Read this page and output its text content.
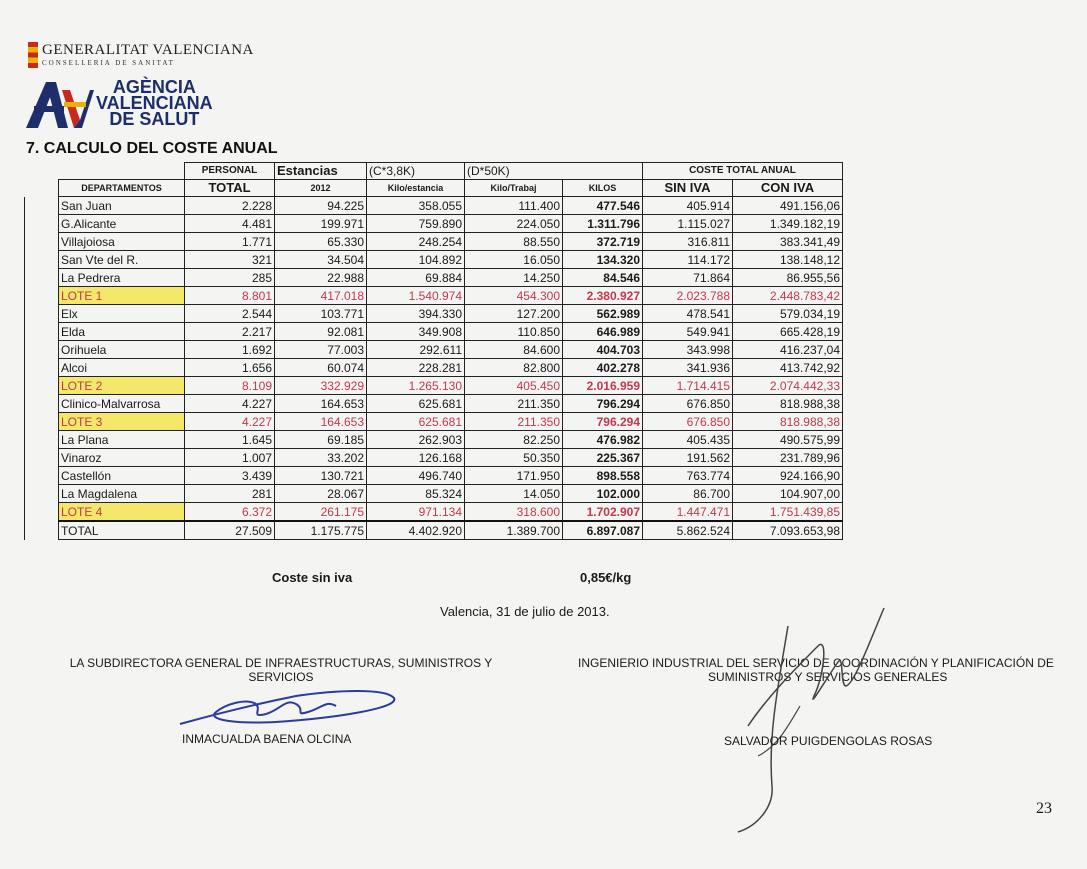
GENERALITAT VALENCIANA
CONSELLERIA DE SANITAT
AGÈNCIA
VALENCIANA
DE SALUT
7. CALCULO DEL COSTE ANUAL
		PERSONAL	Estancias	(C*3,8K)	(D*50K)		COSTE TOTAL ANUAL	
	DEPARTAMENTOS	TOTAL	2012	Kilo/estancia	Kilo/Trabaj	KILOS	SIN IVA	CON IVA
	San Juan	2.228	94.225	358.055	111.400	477.546	405.914	491.156,06
	G.Alicante	4.481	199.971	759.890	224.050	1.311.796	1.115.027	1.349.182,19
	Villajoiosa	1.771	65.330	248.254	88.550	372.719	316.811	383.341,49
	San Vte del R.	321	34.504	104.892	16.050	134.320	114.172	138.148,12
	La Pedrera	285	22.988	69.884	14.250	84.546	71.864	86.955,56
	LOTE 1	8.801	417.018	1.540.974	454.300	2.380.927	2.023.788	2.448.783,42
	Elx	2.544	103.771	394.330	127.200	562.989	478.541	579.034,19
	Elda	2.217	92.081	349.908	110.850	646.989	549.941	665.428,19
	Orihuela	1.692	77.003	292.611	84.600	404.703	343.998	416.237,04
	Alcoi	1.656	60.074	228.281	82.800	402.278	341.936	413.742,92
	LOTE 2	8.109	332.929	1.265.130	405.450	2.016.959	1.714.415	2.074.442,33
	Clinico-Malvarrosa	4.227	164.653	625.681	211.350	796.294	676.850	818.988,38
	LOTE 3	4.227	164.653	625.681	211.350	796.294	676.850	818.988,38
	La Plana	1.645	69.185	262.903	82.250	476.982	405.435	490.575,99
	Vinaroz	1.007	33.202	126.168	50.350	225.367	191.562	231.789,96
	Castellón	3.439	130.721	496.740	171.950	898.558	763.774	924.166,90
	La Magdalena	281	28.067	85.324	14.050	102.000	86.700	104.907,00
	LOTE 4	6.372	261.175	971.134	318.600	1.702.907	1.447.471	1.751.439,85
	TOTAL	27.509	1.175.775	4.402.920	1.389.700	6.897.087	5.862.524	7.093.653,98
Coste sin iva	0,85€/kg
Valencia, 31 de julio de 2013.
LA SUBDIRECTORA GENERAL DE INFRAESTRUCTURAS, SUMINISTROS Y
SERVICIOS
INMACUALDA BAENA OLCINA
INGENIERIO INDUSTRIAL DEL SERVICIO DE COORDINACIÓN Y PLANIFICACIÓN DE
SUMINISTROS Y SERVICIOS GENERALES
SALVADOR PUIGDENGOLAS ROSAS
23
